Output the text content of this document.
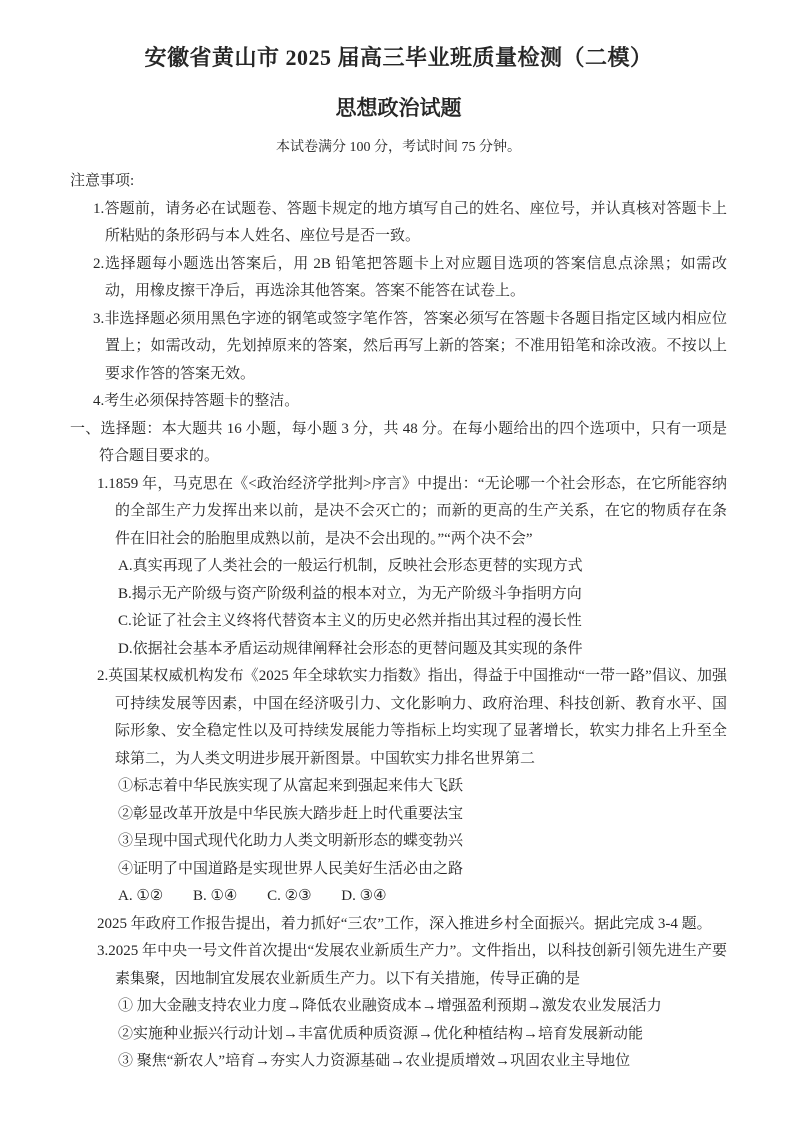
安徽省黄山市 2025 届高三毕业班质量检测（二模）
思想政治试题
本试卷满分 100 分，考试时间 75 分钟。
注意事项:
1.答题前，请务必在试题卷、答题卡规定的地方填写自己的姓名、座位号，并认真核对答题卡上所粘贴的条形码与本人姓名、座位号是否一致。
2.选择题每小题选出答案后，用 2B 铅笔把答题卡上对应题目选项的答案信息点涂黑；如需改动，用橡皮擦干净后，再选涂其他答案。答案不能答在试卷上。
3.非选择题必须用黑色字迹的钢笔或签字笔作答，答案必须写在答题卡各题目指定区域内相应位置上；如需改动，先划掉原来的答案，然后再写上新的答案；不准用铅笔和涂改液。不按以上要求作答的答案无效。
4.考生必须保持答题卡的整洁。
一、选择题：本大题共 16 小题，每小题 3 分，共 48 分。在每小题给出的四个选项中，只有一项是符合题目要求的。
1.1859 年，马克思在《<政治经济学批判>序言》中提出：“无论哪一个社会形态，在它所能容纳的全部生产力发挥出来以前，是决不会灭亡的；而新的更高的生产关系，在它的物质存在条件在旧社会的胎胞里成熟以前，是决不会出现的。”“两个决不会”
A.真实再现了人类社会的一般运行机制，反映社会形态更替的实现方式
B.揭示无产阶级与资产阶级利益的根本对立，为无产阶级斗争指明方向
C.论证了社会主义终将代替资本主义的历史必然并指出其过程的漫长性
D.依据社会基本矛盾运动规律阐释社会形态的更替问题及其实现的条件
2.英国某权威机构发布《2025 年全球软实力指数》指出，得益于中国推动“一带一路”倡议、加强可持续发展等因素，中国在经济吸引力、文化影响力、政府治理、科技创新、教育水平、国际形象、安全稳定性以及可持续发展能力等指标上均实现了显著增长，软实力排名上升至全球第二，为人类文明进步展开新图景。中国软实力排名世界第二
①标志着中华民族实现了从富起来到强起来伟大飞跃
②彰显改革开放是中华民族大踏步赶上时代重要法宝
③呈现中国式现代化助力人类文明新形态的蝶变勃兴
④证明了中国道路是实现世界人民美好生活必由之路
A. ①② B. ①④ C. ②③ D. ③④
2025 年政府工作报告提出，着力抓好“三农”工作，深入推进乡村全面振兴。据此完成 3-4 题。
3.2025 年中央一号文件首次提出“发展农业新质生产力”。文件指出，以科技创新引领先进生产要素集聚，因地制宜发展农业新质生产力。以下有关措施，传导正确的是
① 加大金融支持农业力度→降低农业融资成本→增强盈利预期→激发农业发展活力
②实施种业振兴行动计划→丰富优质种质资源→优化种植结构→培育发展新动能
③ 聚焦“新农人”培育→夯实人力资源基础→农业提质增效→巩固农业主导地位
